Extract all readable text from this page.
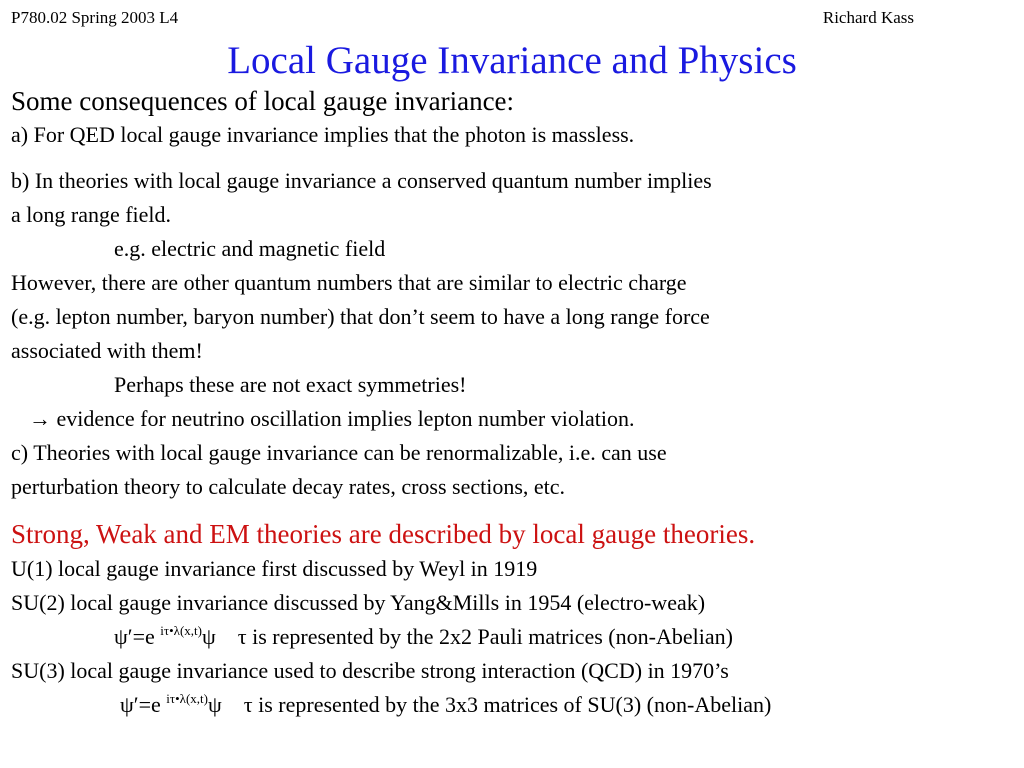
P780.02 Spring 2003 L4	Richard Kass
Local Gauge Invariance and Physics
Some consequences of local gauge invariance:
a) For QED local gauge invariance implies that the photon is massless.
b) In theories with local gauge invariance a conserved quantum number implies
a long range field.
e.g. electric and magnetic field
However, there are other quantum numbers that are similar to electric charge
(e.g. lepton number, baryon number) that don’t seem to have a long range force
associated with them!
Perhaps these are not exact symmetries!
→ evidence for neutrino oscillation implies lepton number violation.
c) Theories with local gauge invariance can be renormalizable, i.e. can use
perturbation theory to calculate decay rates, cross sections, etc.
Strong, Weak and EM theories are described by local gauge theories.
U(1) local gauge invariance first discussed by Weyl in 1919
SU(2) local gauge invariance discussed by Yang&Mills in 1954 (electro-weak)
ψ′=e $^{i\tau•\lambda(x,t)}$ψ τ is represented by the 2x2 Pauli matrices (non-Abelian)
SU(3) local gauge invariance used to describe strong interaction (QCD) in 1970’s
ψ′=e $^{i\tau•\lambda(x,t)}$ψ τ is represented by the 3x3 matrices of SU(3) (non-Abelian)
